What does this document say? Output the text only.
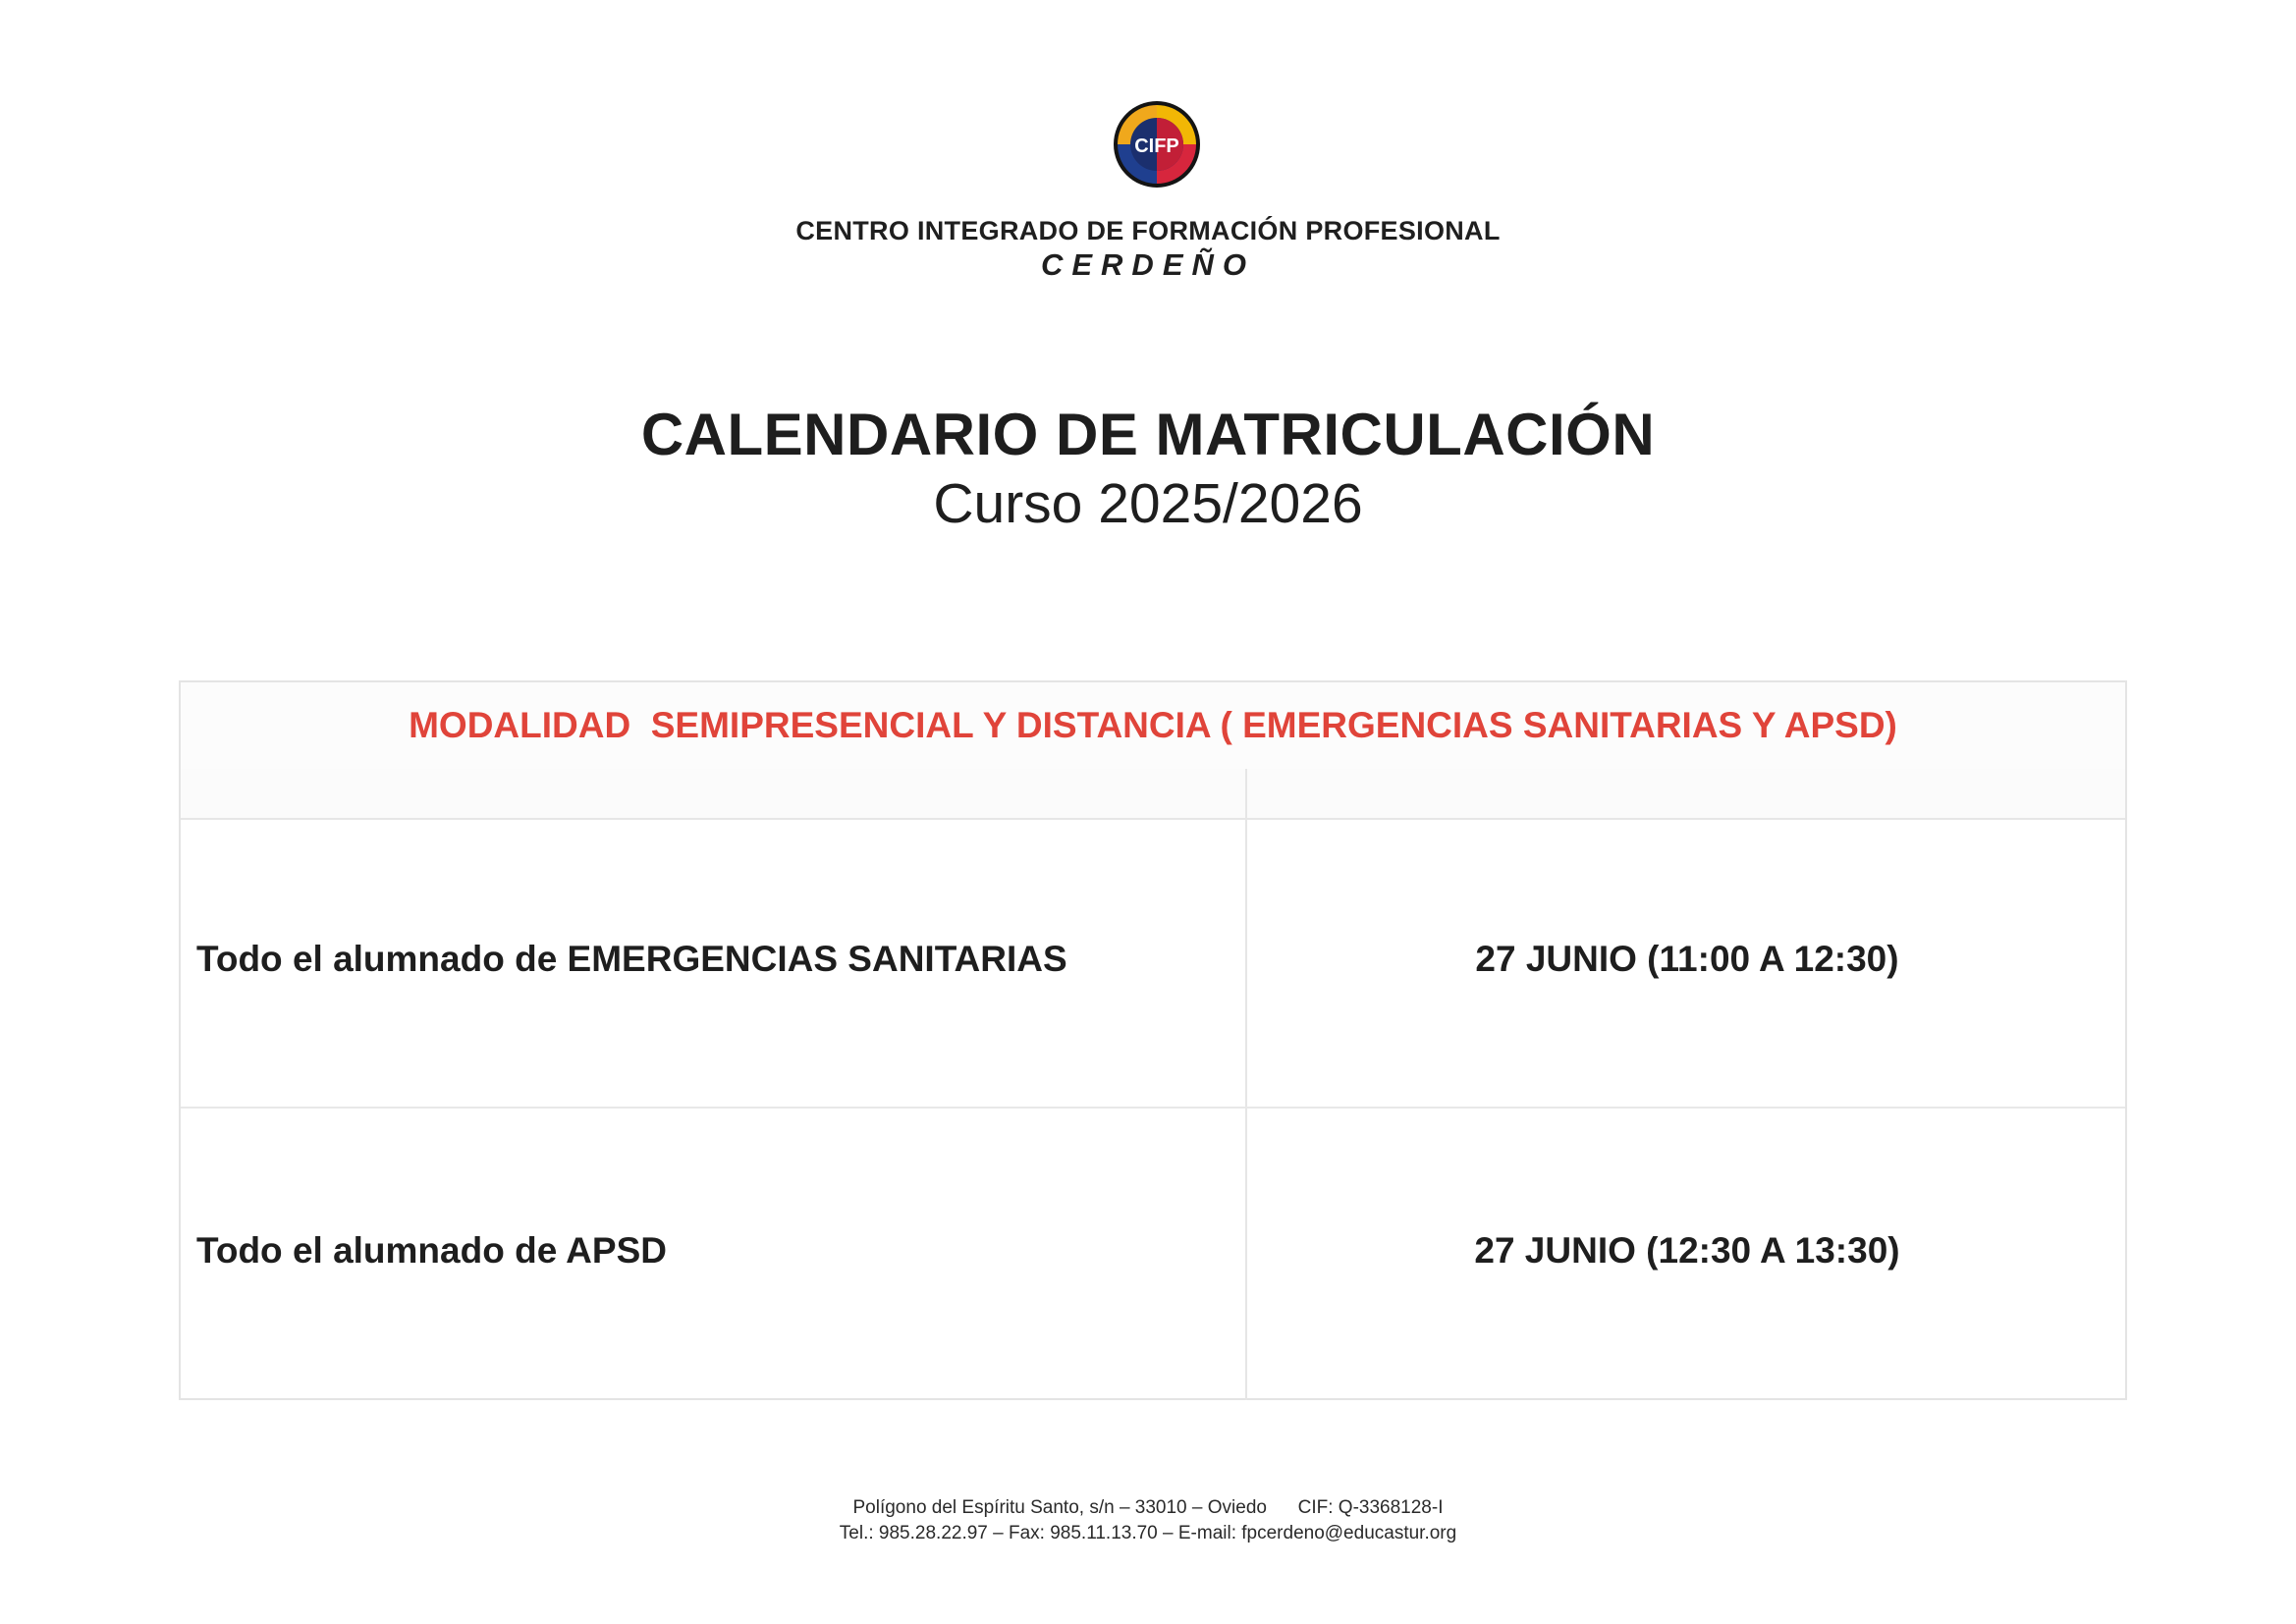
CIFP
CENTRO INTEGRADO DE FORMACIÓN PROFESIONAL
CERDEÑO
CALENDARIO DE MATRICULACIÓN
Curso 2025/2026
MODALIDAD  SEMIPRESENCIAL Y DISTANCIA ( EMERGENCIAS SANITARIAS Y APSD)
Todo el alumnado de EMERGENCIAS SANITARIAS	27 JUNIO (11:00 A 12:30)
Todo el alumnado de APSD	27 JUNIO (12:30 A 13:30)
Polígono del Espíritu Santo, s/n – 33010 – Oviedo CIF: Q-3368128-I
Tel.: 985.28.22.97 – Fax: 985.11.13.70 – E-mail: fpcerdeno@educastur.org
